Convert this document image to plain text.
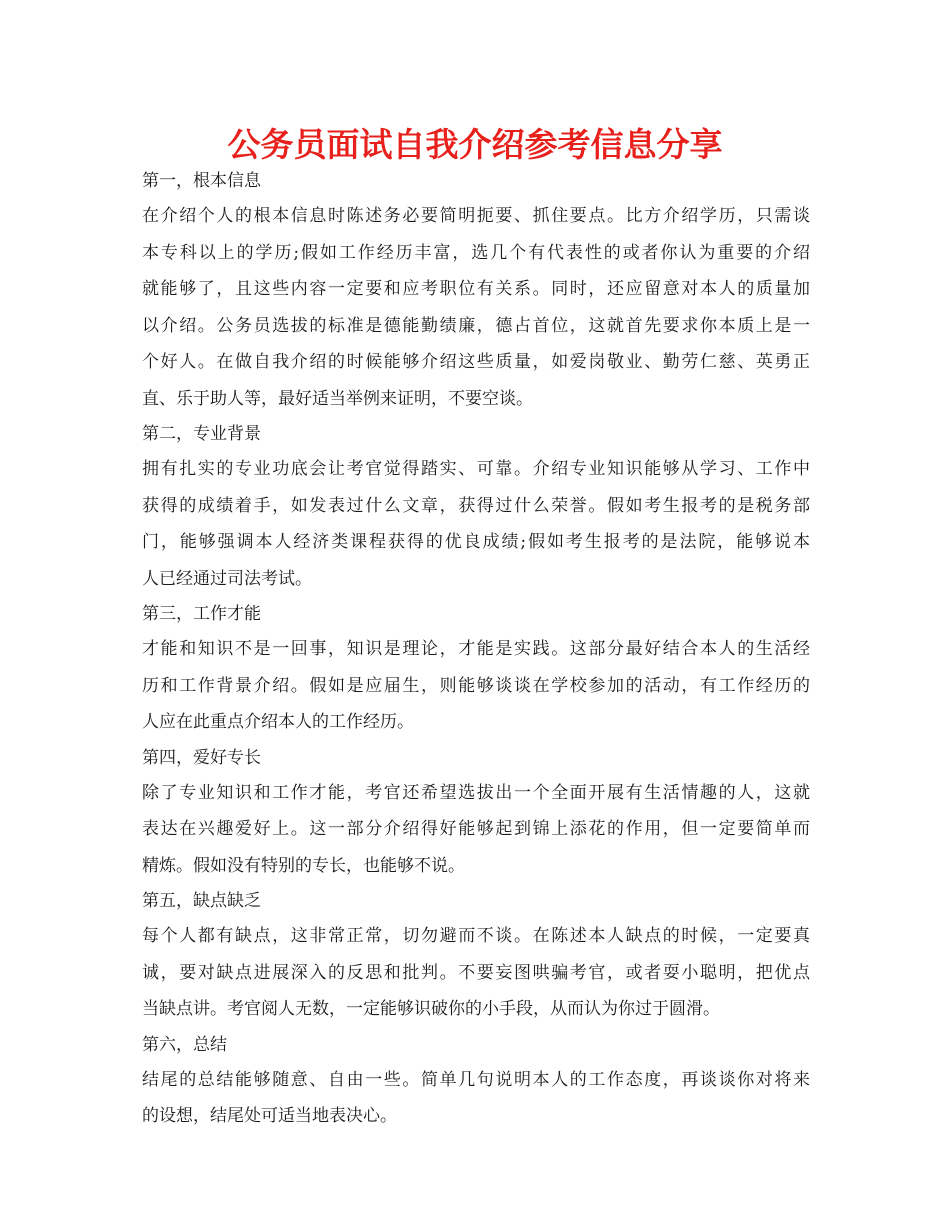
公务员面试自我介绍参考信息分享
第一，根本信息

在介绍个人的根本信息时陈述务必要简明扼要、抓住要点。比方介绍学历，只需谈
本专科以上的学历;假如工作经历丰富，选几个有代表性的或者你认为重要的介绍
就能够了，且这些内容一定要和应考职位有关系。同时，还应留意对本人的质量加
以介绍。公务员选拔的标准是德能勤绩廉，德占首位，这就首先要求你本质上是一
个好人。在做自我介绍的时候能够介绍这些质量，如爱岗敬业、勤劳仁慈、英勇正
直、乐于助人等，最好适当举例来证明，不要空谈。

第二，专业背景

拥有扎实的专业功底会让考官觉得踏实、可靠。介绍专业知识能够从学习、工作中
获得的成绩着手，如发表过什么文章，获得过什么荣誉。假如考生报考的是税务部
门，能够强调本人经济类课程获得的优良成绩;假如考生报考的是法院，能够说本
人已经通过司法考试。

第三，工作才能

才能和知识不是一回事，知识是理论，才能是实践。这部分最好结合本人的生活经
历和工作背景介绍。假如是应届生，则能够谈谈在学校参加的活动，有工作经历的
人应在此重点介绍本人的工作经历。

第四，爱好专长

除了专业知识和工作才能，考官还希望选拔出一个全面开展有生活情趣的人，这就
表达在兴趣爱好上。这一部分介绍得好能够起到锦上添花的作用，但一定要简单而
精炼。假如没有特别的专长，也能够不说。

第五，缺点缺乏

每个人都有缺点，这非常正常，切勿避而不谈。在陈述本人缺点的时候，一定要真
诚，要对缺点进展深入的反思和批判。不要妄图哄骗考官，或者耍小聪明，把优点
当缺点讲。考官阅人无数，一定能够识破你的小手段，从而认为你过于圆滑。

第六，总结

结尾的总结能够随意、自由一些。简单几句说明本人的工作态度，再谈谈你对将来
的设想，结尾处可适当地表决心。
